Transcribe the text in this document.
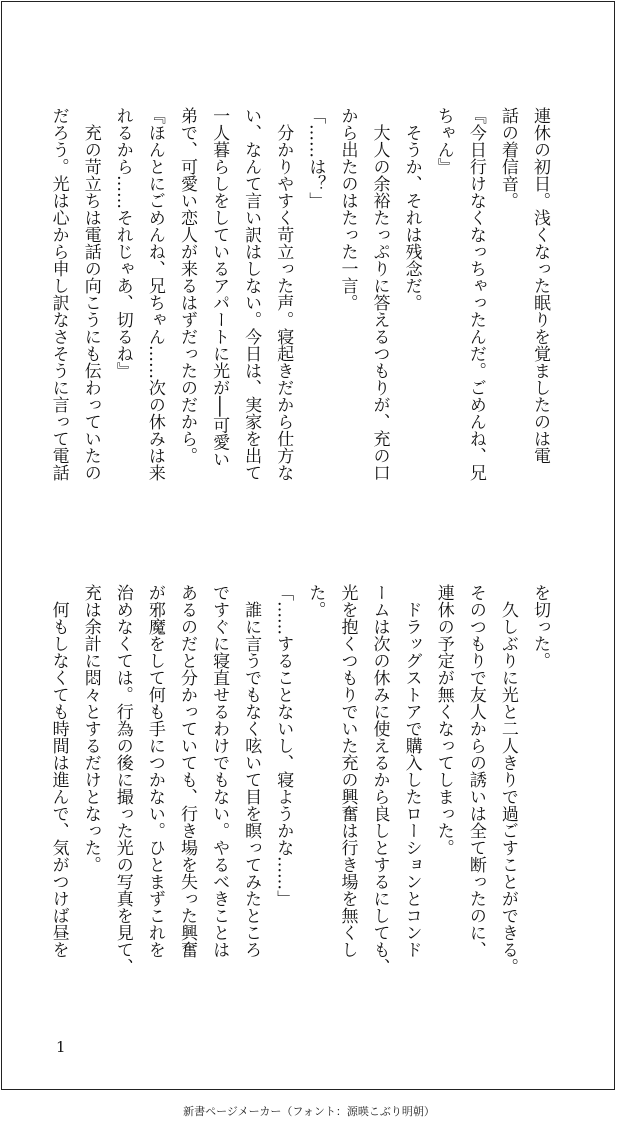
連休の初日。浅くなった眠りを覚ましたのは電
話の着信音。
『今日行けなくなっちゃったんだ。ごめんね、兄
ちゃん』
　そうか、それは残念だ。
　大人の余裕たっぷりに答えるつもりが、充の口
から出たのはたった一言。
「……は？」
　分かりやすく苛立った声。寝起きだから仕方な
い、なんて言い訳はしない。今日は、実家を出て
一人暮らしをしているアパートに光が──可愛い
弟で、可愛い恋人が来るはずだったのだから。
『ほんとにごめんね、兄ちゃん……次の休みは来
れるから……それじゃあ、切るね』
　充の苛立ちは電話の向こうにも伝わっていたの
だろう。光は心から申し訳なさそうに言って電話
を切った。
　久しぶりに光と二人きりで過ごすことができる。
そのつもりで友人からの誘いは全て断ったのに、
連休の予定が無くなってしまった。
　ドラッグストアで購入したローションとコンド
ームは次の休みに使えるから良しとするにしても、
光を抱くつもりでいた充の興奮は行き場を無くし
た。
「……することないし、寝ようかな……」
　誰に言うでもなく呟いて目を瞑ってみたところ
ですぐに寝直せるわけでもない。やるべきことは
あるのだと分かっていても、行き場を失った興奮
が邪魔をして何も手につかない。ひとまずこれを
治めなくては。行為の後に撮った光の写真を見て、
充は余計に悶々とするだけとなった。
　何もしなくても時間は進んで、気がつけば昼を
1
新書ページメーカー（フォント：源暎こぶり明朝）
